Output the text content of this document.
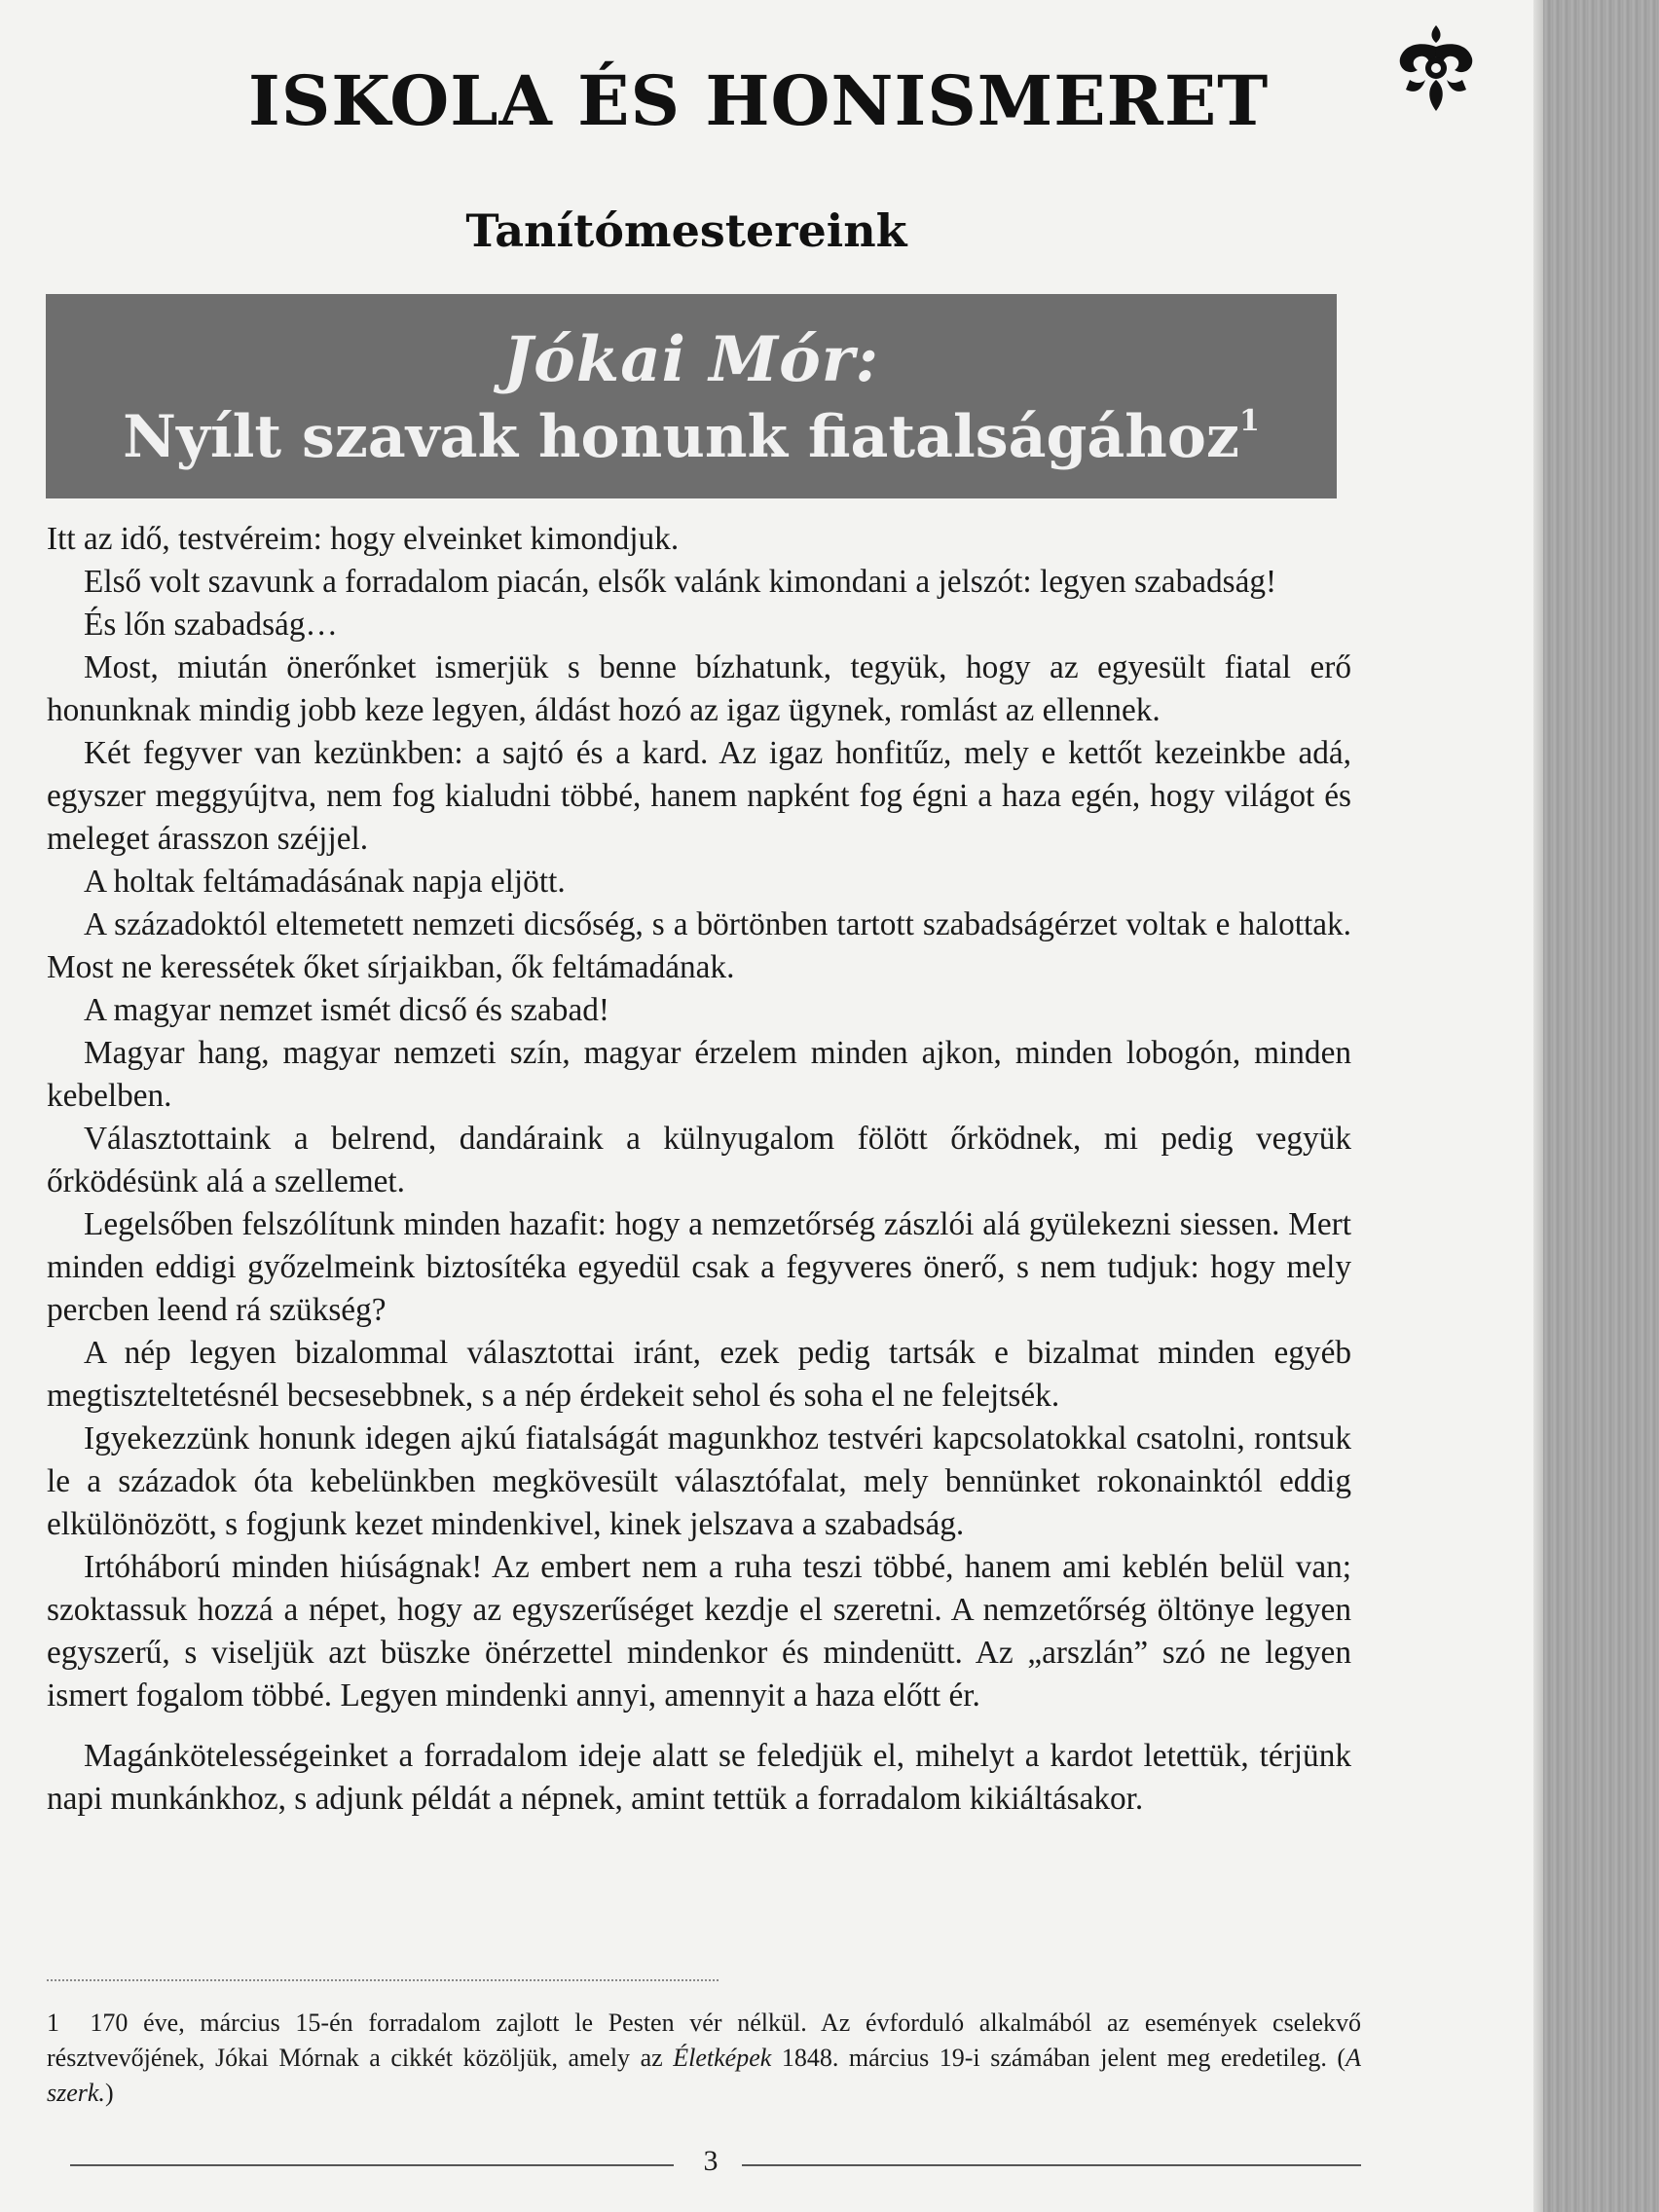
ISKOLA ÉS HONISMERET
Tanítómestereink
Jókai Mór:
Nyílt szavak honunk fiatalságához$^1$

Itt az idő, testvéreim: hogy elveinket kimondjuk.

Első volt szavunk a forradalom piacán, elsők valánk kimondani a jelszót: legyen szabadság!

És lőn szabadság…

Most, miután önerőnket ismerjük s benne bízhatunk, tegyük, hogy az egyesült fiatal erő honunknak mindig jobb keze legyen, áldást hozó az igaz ügynek, romlást az ellennek.

Két fegyver van kezünkben: a sajtó és a kard. Az igaz honfitűz, mely e kettőt kezeinkbe adá, egyszer meggyújtva, nem fog kialudni többé, hanem napként fog égni a haza egén, hogy világot és meleget árasszon széjjel.

A holtak feltámadásának napja eljött.

A századoktól eltemetett nemzeti dicsőség, s a börtönben tartott szabadságérzet voltak e halottak. Most ne keressétek őket sírjaikban, ők feltámadának.

A magyar nemzet ismét dicső és szabad!

Magyar hang, magyar nemzeti szín, magyar érzelem minden ajkon, minden lobogón, minden kebelben.

Választottaink a belrend, dandáraink a külnyugalom fölött őrködnek, mi pedig vegyük őrködésünk alá a szellemet.

Legelsőben felszólítunk minden hazafit: hogy a nemzetőrség zászlói alá gyülekezni siessen. Mert minden eddigi győzelmeink biztosítéka egyedül csak a fegyveres önerő, s nem tudjuk: hogy mely percben leend rá szükség?

A nép legyen bizalommal választottai iránt, ezek pedig tartsák e bizalmat minden egyéb megtiszteltetésnél becsesebbnek, s a nép érdekeit sehol és soha el ne felejtsék.

Igyekezzünk honunk idegen ajkú fiatalságát magunkhoz testvéri kapcsolatokkal csatolni, rontsuk le a századok óta kebelünkben megkövesült választófalat, mely bennünket rokonainktól eddig elkülönözött, s fogjunk kezet mindenkivel, kinek jelszava a szabadság.

Irtóháború minden hiúságnak! Az embert nem a ruha teszi többé, hanem ami keblén belül van; szoktassuk hozzá a népet, hogy az egyszerűséget kezdje el szeretni. A nemzetőrség öltönye legyen egyszerű, s viseljük azt büszke önérzettel mindenkor és mindenütt. Az „arszlán” szó ne legyen ismert fogalom többé. Legyen mindenki annyi, amennyit a haza előtt ér.

Magánkötelességeinket a forradalom ideje alatt se feledjük el, mihelyt a kardot letettük, térjünk napi munkánkhoz, s adjunk példát a népnek, amint tettük a forradalom kikiáltásakor.

1 170 éve, március 15-én forradalom zajlott le Pesten vér nélkül. Az évforduló alkalmából az események cselekvő résztvevőjének, Jókai Mórnak a cikkét közöljük, amely az Életképek 1848. március 19-i számában jelent meg eredetileg. (A szerk.)
3
